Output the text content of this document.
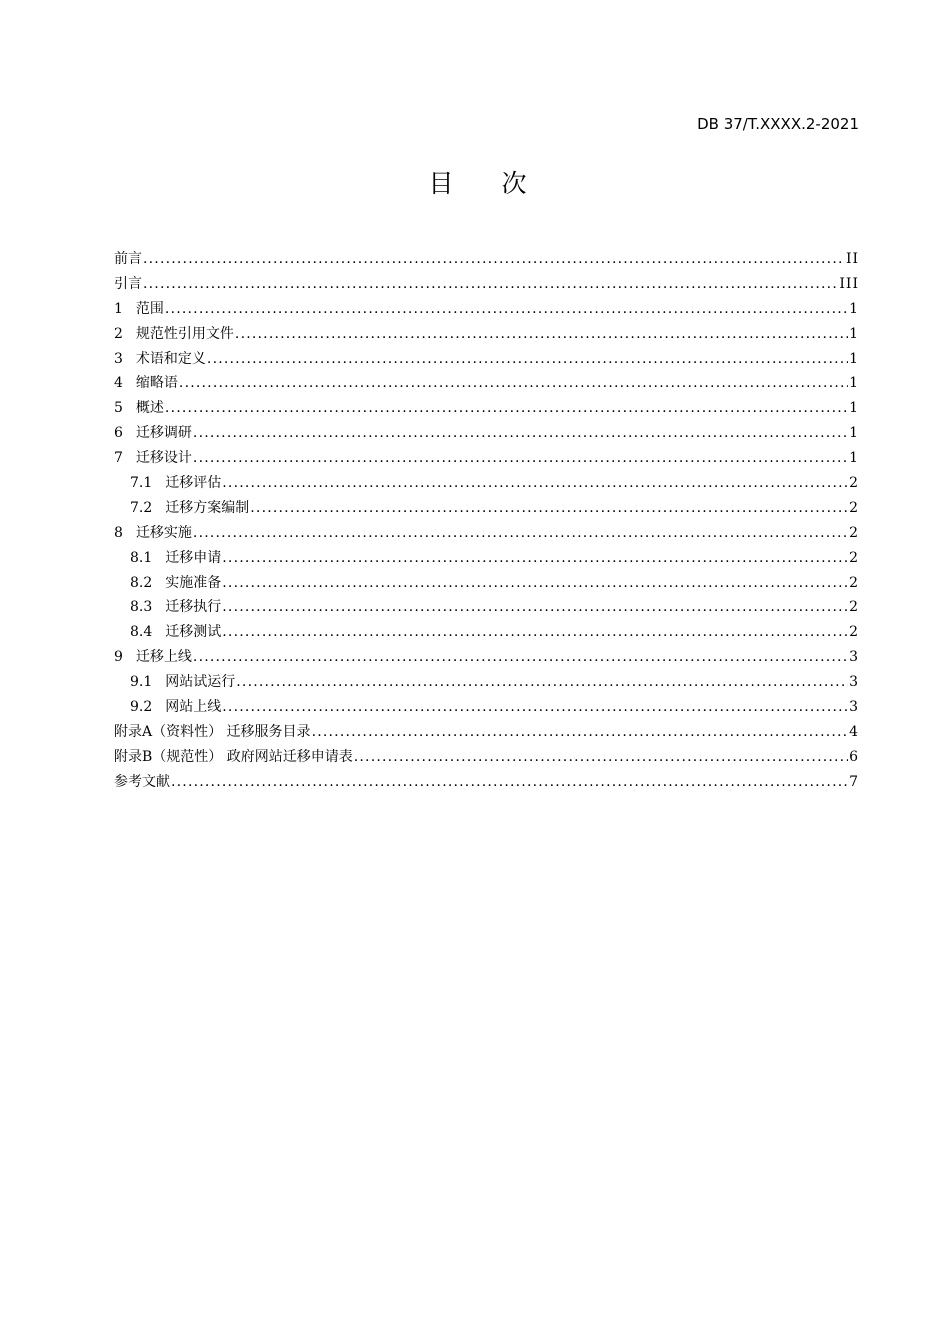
DB 37/T.XXXX.2-2021
目 次
前言 .....	II
引言 .....	III
1 范围 .....	1
2 规范性引用文件 .....	1
3 术语和定义 .....	1
4 缩略语 .....	1
5 概述 .....	1
6 迁移调研 .....	1
7 迁移设计 .....	1
7.1 迁移评估 .....	2
7.2 迁移方案编制 .....	2
8 迁移实施 .....	2
8.1 迁移申请 .....	2
8.2 实施准备 .....	2
8.3 迁移执行 .....	2
8.4 迁移测试 .....	2
9 迁移上线 .....	3
9.1 网站试运行 .....	3
9.2 网站上线 .....	3
附录A（资料性） 迁移服务目录 .....	4
附录B（规范性） 政府网站迁移申请表 .....	6
参考文献 .....	7
